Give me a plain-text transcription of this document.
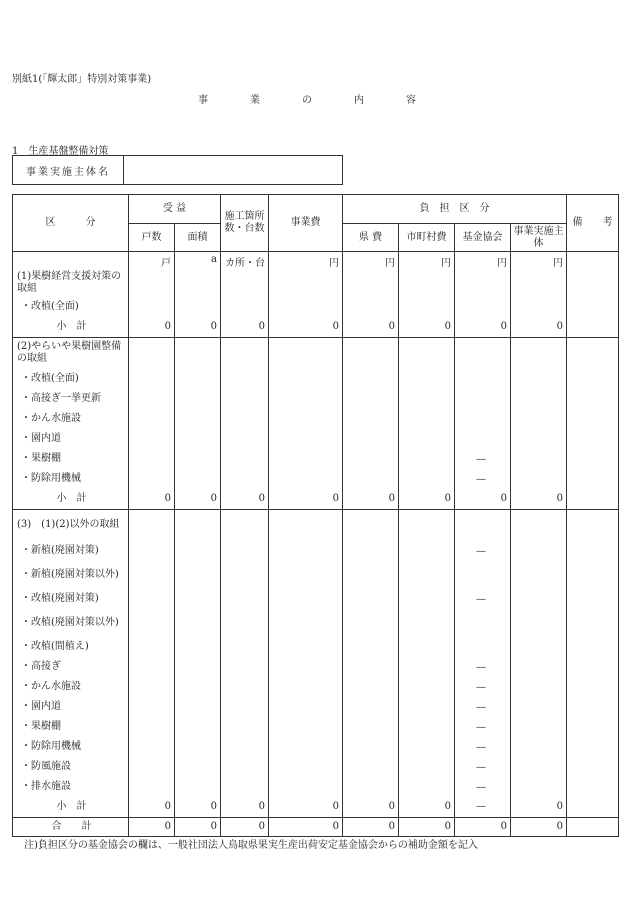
別紙1(「輝太郎」特別対策事業)
事　業　の　内　容
1　生産基盤整備対策
事業実施主体名	
区　　　分	受 益		施工箇所数・台数	事業費	負　担　区　分				備　　考
	戸数	面積			県 費	市町村費	基金協会	事業実施主体	
	戸	a	カ所・台	円	円	円	円	円	
(1)果樹経営支援対策の取組									
・改植(全面)									
小　計	0	0	0	0	0	0	0	0	
(2)やらいや果樹園整備の取組									
・改植(全面)									
・高接ぎ一挙更新									
・かん水施設									
・園内道									
・果樹棚							—		
・防除用機械							—		
小　計	0	0	0	0	0	0	0	0	
(3)　(1)(2)以外の取組									
・新植(廃園対策)							—		
・新植(廃園対策以外)									
・改植(廃園対策)							—		
・改植(廃園対策以外)									
・改植(間植え)									
・高接ぎ							—		
・かん水施設							—		
・園内道							—		
・果樹棚							—		
・防除用機械							—		
・防風施設							—		
・排水施設							—		
小　計	0	0	0	0	0	0	—	0	
合　　計	0	0	0	0	0	0	0	0	
注)負担区分の基金協会の欄は、一般社団法人鳥取県果実生産出荷安定基金協会からの補助金額を記入
